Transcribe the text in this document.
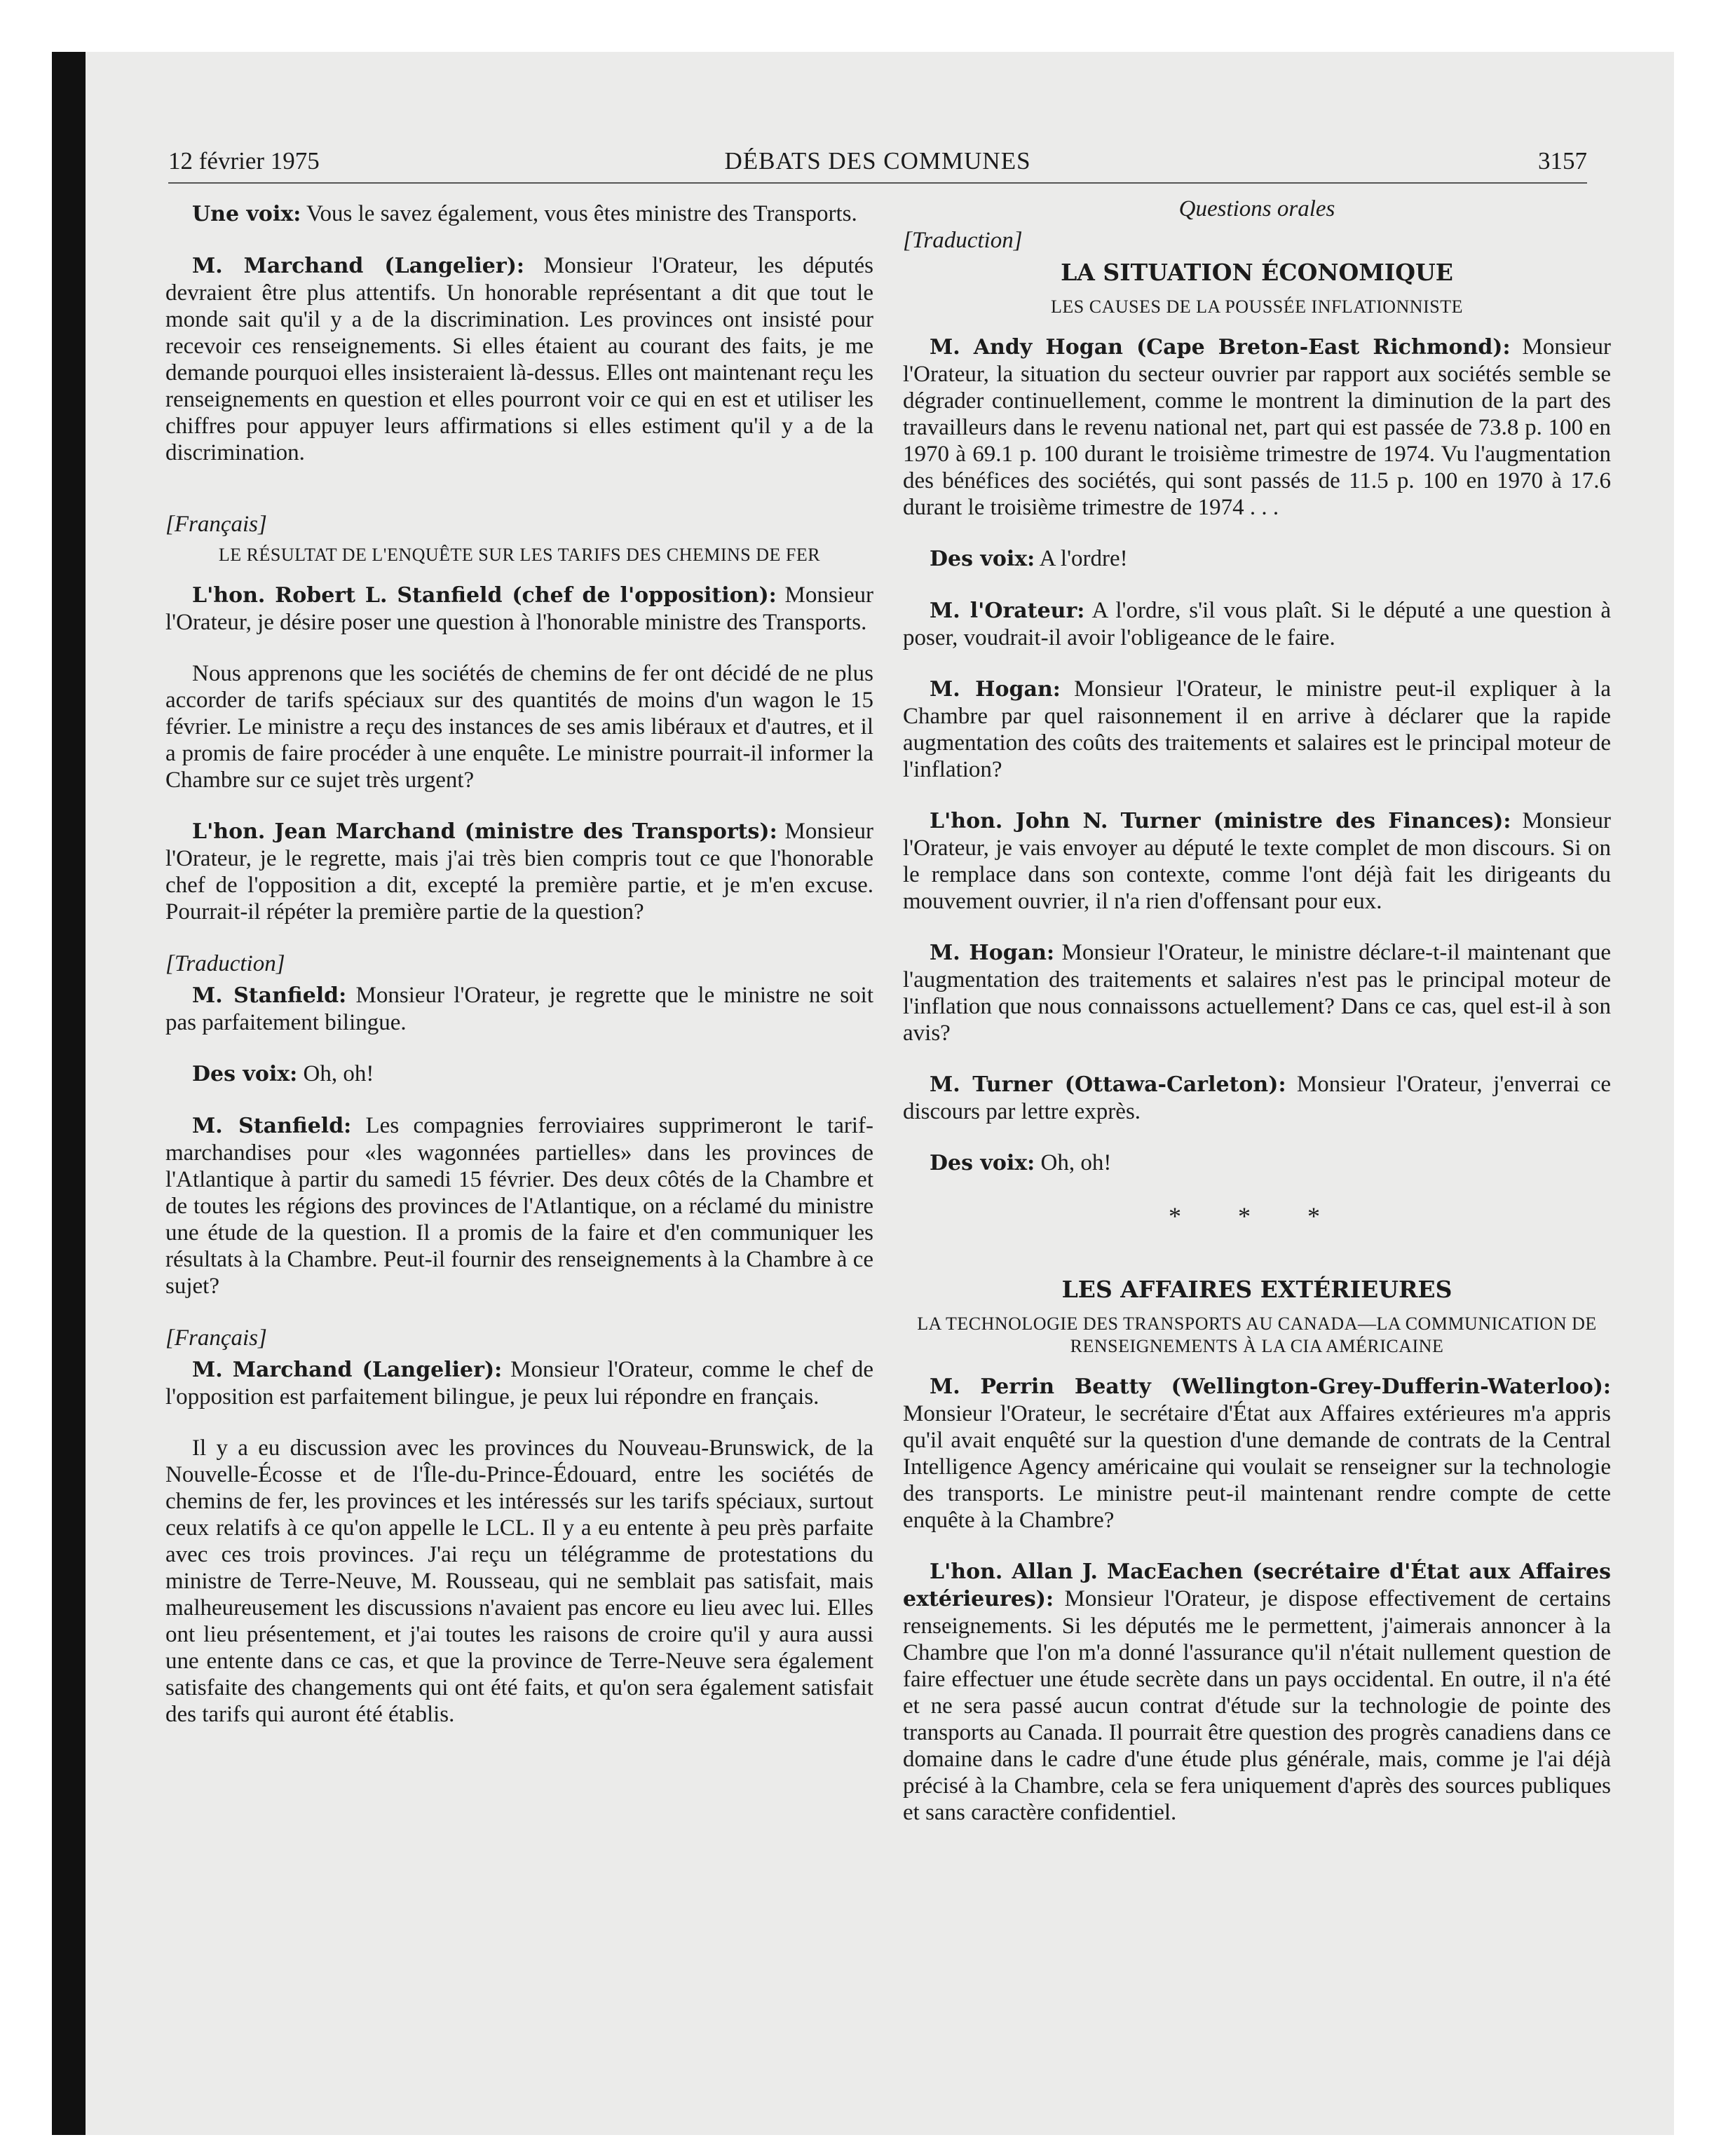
12 février 1975	DÉBATS DES COMMUNES	3157

Une voix: Vous le savez également, vous êtes ministre des Transports.

M. Marchand (Langelier): Monsieur l'Orateur, les députés devraient être plus attentifs. Un honorable représentant a dit que tout le monde sait qu'il y a de la discrimination. Les provinces ont insisté pour recevoir ces renseignements. Si elles étaient au courant des faits, je me demande pourquoi elles insisteraient là-dessus. Elles ont maintenant reçu les renseignements en question et elles pourront voir ce qui en est et utiliser les chiffres pour appuyer leurs affirmations si elles estiment qu'il y a de la discrimination.

[Français]
LE RÉSULTAT DE L'ENQUÊTE SUR LES TARIFS DES CHEMINS DE FER

L'hon. Robert L. Stanfield (chef de l'opposition): Monsieur l'Orateur, je désire poser une question à l'honorable ministre des Transports.

Nous apprenons que les sociétés de chemins de fer ont décidé de ne plus accorder de tarifs spéciaux sur des quantités de moins d'un wagon le 15 février. Le ministre a reçu des instances de ses amis libéraux et d'autres, et il a promis de faire procéder à une enquête. Le ministre pourrait-il informer la Chambre sur ce sujet très urgent?

L'hon. Jean Marchand (ministre des Transports): Monsieur l'Orateur, je le regrette, mais j'ai très bien compris tout ce que l'honorable chef de l'opposition a dit, excepté la première partie, et je m'en excuse. Pourrait-il répéter la première partie de la question?

[Traduction]

M. Stanfield: Monsieur l'Orateur, je regrette que le ministre ne soit pas parfaitement bilingue.

Des voix: Oh, oh!

M. Stanfield: Les compagnies ferroviaires supprimeront le tarif-marchandises pour «les wagonnées partielles» dans les provinces de l'Atlantique à partir du samedi 15 février. Des deux côtés de la Chambre et de toutes les régions des provinces de l'Atlantique, on a réclamé du ministre une étude de la question. Il a promis de la faire et d'en communiquer les résultats à la Chambre. Peut-il fournir des renseignements à la Chambre à ce sujet?

[Français]

M. Marchand (Langelier): Monsieur l'Orateur, comme le chef de l'opposition est parfaitement bilingue, je peux lui répondre en français.

Il y a eu discussion avec les provinces du Nouveau-Brunswick, de la Nouvelle-Écosse et de l'Île-du-Prince-Édouard, entre les sociétés de chemins de fer, les provinces et les intéressés sur les tarifs spéciaux, surtout ceux relatifs à ce qu'on appelle le LCL. Il y a eu entente à peu près parfaite avec ces trois provinces. J'ai reçu un télégramme de protestations du ministre de Terre-Neuve, M. Rousseau, qui ne semblait pas satisfait, mais malheureusement les discussions n'avaient pas encore eu lieu avec lui. Elles ont lieu présentement, et j'ai toutes les raisons de croire qu'il y aura aussi une entente dans ce cas, et que la province de Terre-Neuve sera également satisfaite des changements qui ont été faits, et qu'on sera également satisfait des tarifs qui auront été établis.

Questions orales
[Traduction]
LA SITUATION ÉCONOMIQUE
LES CAUSES DE LA POUSSÉE INFLATIONNISTE

M. Andy Hogan (Cape Breton-East Richmond): Monsieur l'Orateur, la situation du secteur ouvrier par rapport aux sociétés semble se dégrader continuellement, comme le montrent la diminution de la part des travailleurs dans le revenu national net, part qui est passée de 73.8 p. 100 en 1970 à 69.1 p. 100 durant le troisième trimestre de 1974. Vu l'augmentation des bénéfices des sociétés, qui sont passés de 11.5 p. 100 en 1970 à 17.6 durant le troisième trimestre de 1974 . . .

Des voix: A l'ordre!

M. l'Orateur: A l'ordre, s'il vous plaît. Si le député a une question à poser, voudrait-il avoir l'obligeance de le faire.

M. Hogan: Monsieur l'Orateur, le ministre peut-il expliquer à la Chambre par quel raisonnement il en arrive à déclarer que la rapide augmentation des coûts des traitements et salaires est le principal moteur de l'inflation?

L'hon. John N. Turner (ministre des Finances): Monsieur l'Orateur, je vais envoyer au député le texte complet de mon discours. Si on le remplace dans son contexte, comme l'ont déjà fait les dirigeants du mouvement ouvrier, il n'a rien d'offensant pour eux.

M. Hogan: Monsieur l'Orateur, le ministre déclare-t-il maintenant que l'augmentation des traitements et salaires n'est pas le principal moteur de l'inflation que nous connaissons actuellement? Dans ce cas, quel est-il à son avis?

M. Turner (Ottawa-Carleton): Monsieur l'Orateur, j'enverrai ce discours par lettre exprès.

Des voix: Oh, oh!

* * *
LES AFFAIRES EXTÉRIEURES
LA TECHNOLOGIE DES TRANSPORTS AU CANADA—LA COMMUNICATION DE RENSEIGNEMENTS À LA CIA AMÉRICAINE

M. Perrin Beatty (Wellington-Grey-Dufferin-Waterloo): Monsieur l'Orateur, le secrétaire d'État aux Affaires extérieures m'a appris qu'il avait enquêté sur la question d'une demande de contrats de la Central Intelligence Agency américaine qui voulait se renseigner sur la technologie des transports. Le ministre peut-il maintenant rendre compte de cette enquête à la Chambre?

L'hon. Allan J. MacEachen (secrétaire d'État aux Affaires extérieures): Monsieur l'Orateur, je dispose effectivement de certains renseignements. Si les députés me le permettent, j'aimerais annoncer à la Chambre que l'on m'a donné l'assurance qu'il n'était nullement question de faire effectuer une étude secrète dans un pays occidental. En outre, il n'a été et ne sera passé aucun contrat d'étude sur la technologie de pointe des transports au Canada. Il pourrait être question des progrès canadiens dans ce domaine dans le cadre d'une étude plus générale, mais, comme je l'ai déjà précisé à la Chambre, cela se fera uniquement d'après des sources publiques et sans caractère confidentiel.
